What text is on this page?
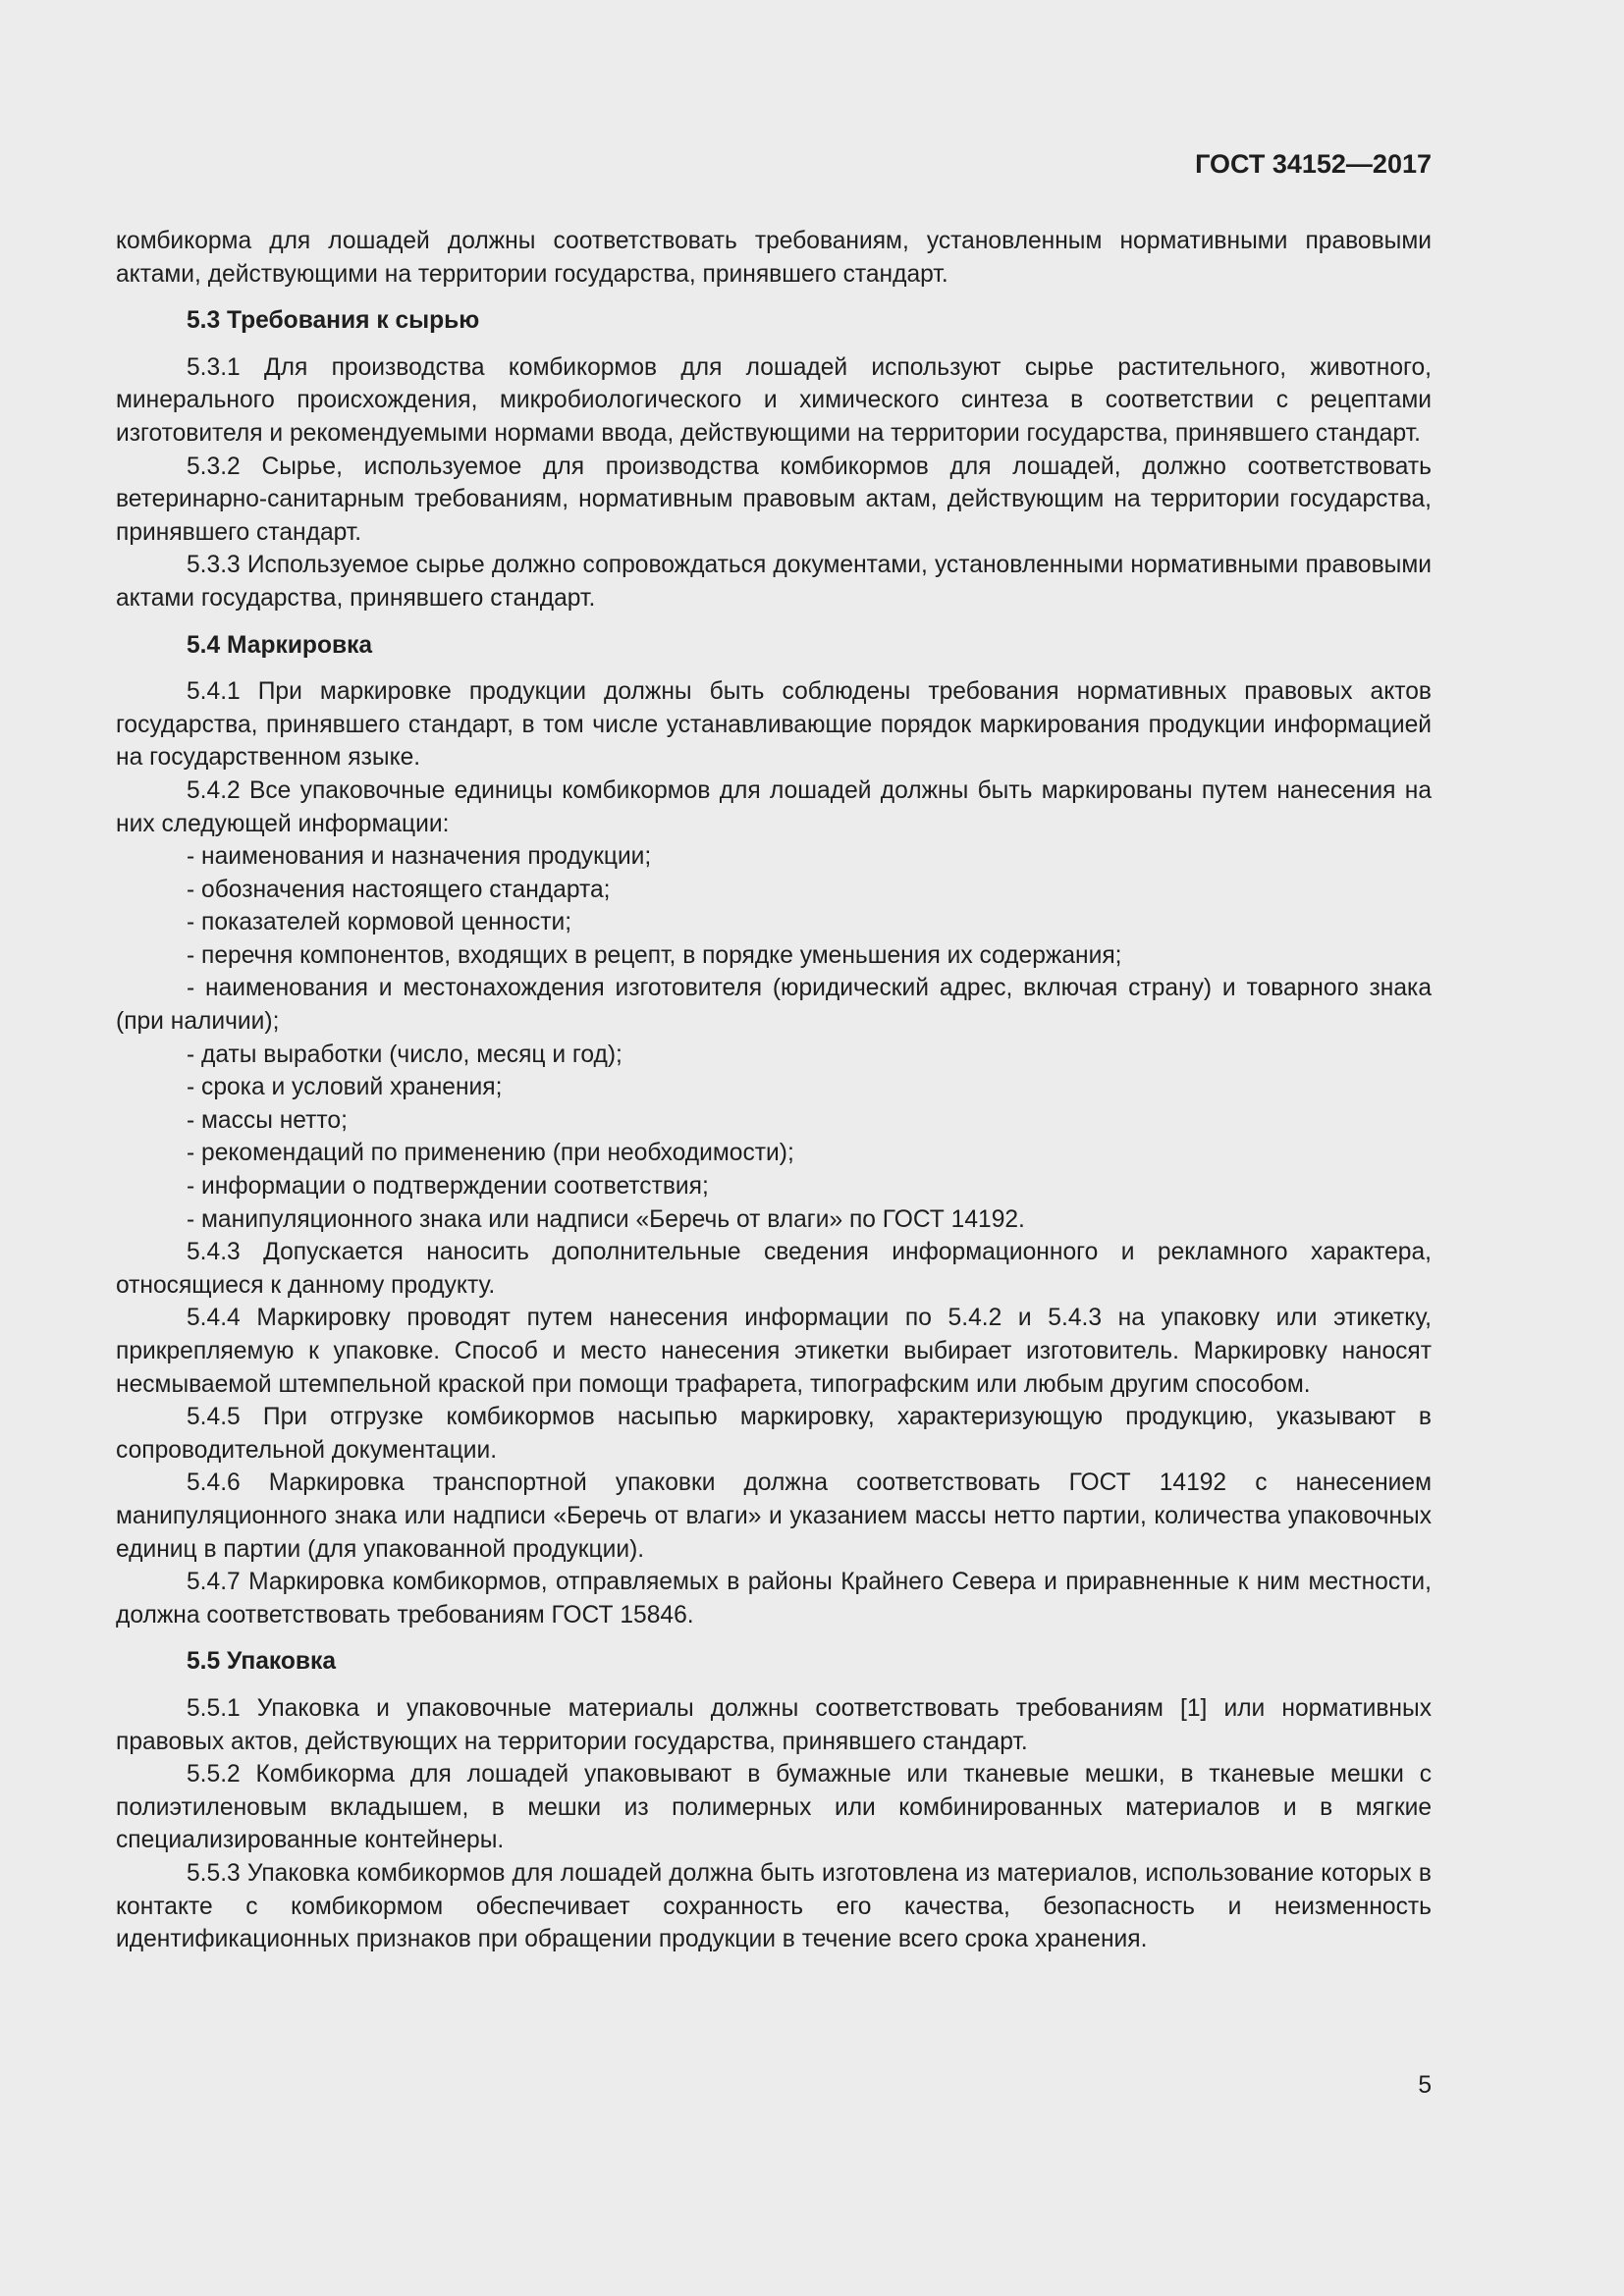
ГОСТ 34152—2017

комбикорма для лошадей должны соответствовать требованиям, установленным нормативными правовыми актами, действующими на территории государства, принявшего стандарт.

5.3 Требования к сырью

5.3.1 Для производства комбикормов для лошадей используют сырье растительного, животного, минерального происхождения, микробиологического и химического синтеза в соответствии с рецептами изготовителя и рекомендуемыми нормами ввода, действующими на территории государства, принявшего стандарт.

5.3.2 Сырье, используемое для производства комбикормов для лошадей, должно соответствовать ветеринарно-санитарным требованиям, нормативным правовым актам, действующим на территории государства, принявшего стандарт.

5.3.3 Используемое сырье должно сопровождаться документами, установленными нормативными правовыми актами государства, принявшего стандарт.

5.4 Маркировка

5.4.1 При маркировке продукции должны быть соблюдены требования нормативных правовых актов государства, принявшего стандарт, в том числе устанавливающие порядок маркирования продукции информацией на государственном языке.

5.4.2 Все упаковочные единицы комбикормов для лошадей должны быть маркированы путем нанесения на них следующей информации:

- наименования и назначения продукции;

- обозначения настоящего стандарта;

- показателей кормовой ценности;

- перечня компонентов, входящих в рецепт, в порядке уменьшения их содержания;

- наименования и местонахождения изготовителя (юридический адрес, включая страну) и товарного знака (при наличии);

- даты выработки (число, месяц и год);

- срока и условий хранения;

- массы нетто;

- рекомендаций по применению (при необходимости);

- информации о подтверждении соответствия;

- манипуляционного знака или надписи «Беречь от влаги» по ГОСТ 14192.

5.4.3 Допускается наносить дополнительные сведения информационного и рекламного характера, относящиеся к данному продукту.

5.4.4 Маркировку проводят путем нанесения информации по 5.4.2 и 5.4.3 на упаковку или этикетку, прикрепляемую к упаковке. Способ и место нанесения этикетки выбирает изготовитель. Маркировку наносят несмываемой штемпельной краской при помощи трафарета, типографским или любым другим способом.

5.4.5 При отгрузке комбикормов насыпью маркировку, характеризующую продукцию, указывают в сопроводительной документации.

5.4.6 Маркировка транспортной упаковки должна соответствовать ГОСТ 14192 с нанесением манипуляционного знака или надписи «Беречь от влаги» и указанием массы нетто партии, количества упаковочных единиц в партии (для упакованной продукции).

5.4.7 Маркировка комбикормов, отправляемых в районы Крайнего Севера и приравненные к ним местности, должна соответствовать требованиям ГОСТ 15846.

5.5 Упаковка

5.5.1 Упаковка и упаковочные материалы должны соответствовать требованиям [1] или нормативных правовых актов, действующих на территории государства, принявшего стандарт.

5.5.2 Комбикорма для лошадей упаковывают в бумажные или тканевые мешки, в тканевые мешки с полиэтиленовым вкладышем, в мешки из полимерных или комбинированных материалов и в мягкие специализированные контейнеры.

5.5.3 Упаковка комбикормов для лошадей должна быть изготовлена из материалов, использование которых в контакте с комбикормом обеспечивает сохранность его качества, безопасность и неизменность идентификационных признаков при обращении продукции в течение всего срока хранения.

5
